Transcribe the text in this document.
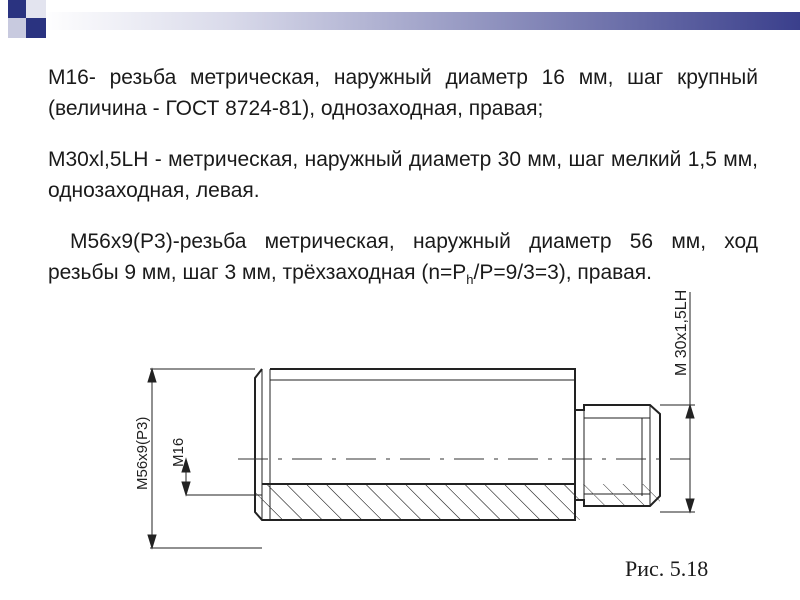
М16- резьба метрическая, наружный диаметр 16 мм, шаг крупный (величина - ГОСТ 8724-81), однозаходная, правая;
М30xl,5LH - метрическая, наружный диаметр 30 мм, шаг мелкий 1,5 мм, однозаходная, левая.
М56x9(Р3)-резьба метрическая, наружный диаметр 56 мм, ход резьбы 9 мм, шаг 3 мм, трёхзаходная $(n=P_h/P=9/3=3)$, правая.
М56x9(Р3) М16
М 30x1,5LH
Рис. 5.18
